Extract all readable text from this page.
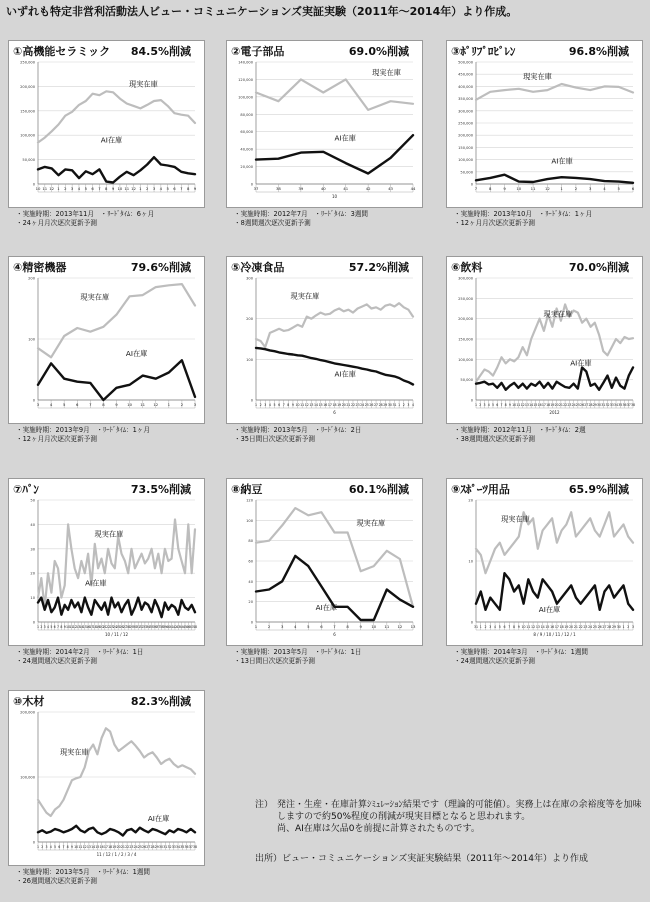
いずれも特定非営利活動法人ビュー・コミュニケーションズ実証実験（2011年～2014年）より作成。
①高機能セラミック 84.5%削減
250,000
200,000
150,000
100,000
50,000
0
10 11 12 1 2 3 4 5 6 7 8 9 10 11 12 1 2 3 4 5 6 7 8 9
現実在庫
AI在庫
・実施時期：2013年11月　・ﾘｰﾄﾞﾀｲﾑ：6ヶ月
・24ヶ月月次逐次更新予測
②電子部品	69.0%削減
140,000
120,000
100,000
80,000
60,000
40,000
20,000
0
37	38	39	40	41	42	43	44
10
現実在庫
AI在庫
・実施時期：2012年7月　・ﾘｰﾄﾞﾀｲﾑ：3週間
・8週間週次逐次更新予測
③ﾎﾟﾘﾌﾟﾛﾋﾟﾚﾝ	96.8%削減
500,000
450,000
400,000
350,000
300,000
250,000
200,000
150,000
100,000
50,000
0
7	8	9	10 11 12	1	2	3	4	5	6
現実在庫
AI在庫
・実施時期：2013年10月　・ﾘｰﾄﾞﾀｲﾑ：1ヶ月
・12ヶ月月次逐次更新予測
④精密機器	79.6%削減
200
100
0
3	4	5	6	7	8	9 10 11 12 1	2	3
現実在庫
AI在庫
・実施時期：2013年9月　・ﾘｰﾄﾞﾀｲﾑ：1ヶ月
・12ヶ月月次逐次更新予測
⑤冷凍食品	57.2%削減
300
200
100
0
1 2 3 4 5 6 7 8 9 10 11 12 13 14 15 16 17 18 19 20 21 22 23 24 25 26 27 28 29 30 31 1 2 3 4
6
現実在庫
AI在庫
・実施時期：2013年5月　・ﾘｰﾄﾞﾀｲﾑ：2日
・35日間日次逐次更新予測
⑥飲料	70.0%削減
300,000
250,000
200,000
150,000
100,000
50,000
0
1 2 3 4 5 6 7 8 9 10 11 12 13 14 15 16 17 18 19 20 21 22 23 24 25 26 27 28 29 30 31 32 33 34 35 36 37 38
2012
現実在庫
AI在庫
・実施時期：2012年11月　・ﾘｰﾄﾞﾀｲﾑ：2週
・38週間週次逐次更新予測
⑦ﾊﾟﾝ	73.5%削減
50
40
30
20
10
0
1 2 3 4 5 6 7 8 9 10 11 12 13 14 15 16 17 18 19 20 21 22 23 24 25 26 27 28 29 30 31 32 33 34 35 36 37 38 39 40 41 42 43 44 45 46 47 48
10 / 11 / 12
現実在庫
AI在庫
・実施時期：2014年2月　・ﾘｰﾄﾞﾀｲﾑ：1日
・24週間週次逐次更新予測
⑧納豆	60.1%削減
120
100
80
60
40
20
0
1	2	3	4	5	6	7	8	9 10 11 12 13
6
現実在庫
AI在庫
・実施時期：2013年5月　・ﾘｰﾄﾞﾀｲﾑ：1日
・13日間日次逐次更新予測
⑨ｽﾎﾟｰﾂ用品	65.9%削減
20
10
0
31 1 2 3 4 5 6 7 8 9 10 11 12 13 14 15 16 17 18 19 20 21 22 23 24 25 26 27 28 29 30 1 2 3
8 / 9 / 10 / 11 / 12 / 1
現実在庫
AI在庫
・実施時期：2014年3月　・ﾘｰﾄﾞﾀｲﾑ：1週間
・24週間週次逐次更新予測
⑩木材	82.3%削減
200,000
100,000
0
1 2 3 4 5 6 7 8 9 10 11 12 13 14 15 16 17 18 19 20 21 22 23 24 25 26 27 28 29 30 31 32 33 34 35 36 37 38
11 / 12 / 1 / 2 / 3 / 4
現実在庫
AI在庫
・実施時期：2013年5月　・ﾘｰﾄﾞﾀｲﾑ：1週間
・26週間週次逐次更新予測
注） 発注・生産・在庫計算ｼﾐｭﾚｰｼｮﾝ結果です（理論的可能値）。実務上は在庫の余裕度等を加味しますので約50%程度の削減が現実目標となると思われます。
尚、AI在庫は欠品0を前提に計算されたものです。
出所）ビュー・コミュニケーションズ実証実験結果（2011年～2014年）より作成
